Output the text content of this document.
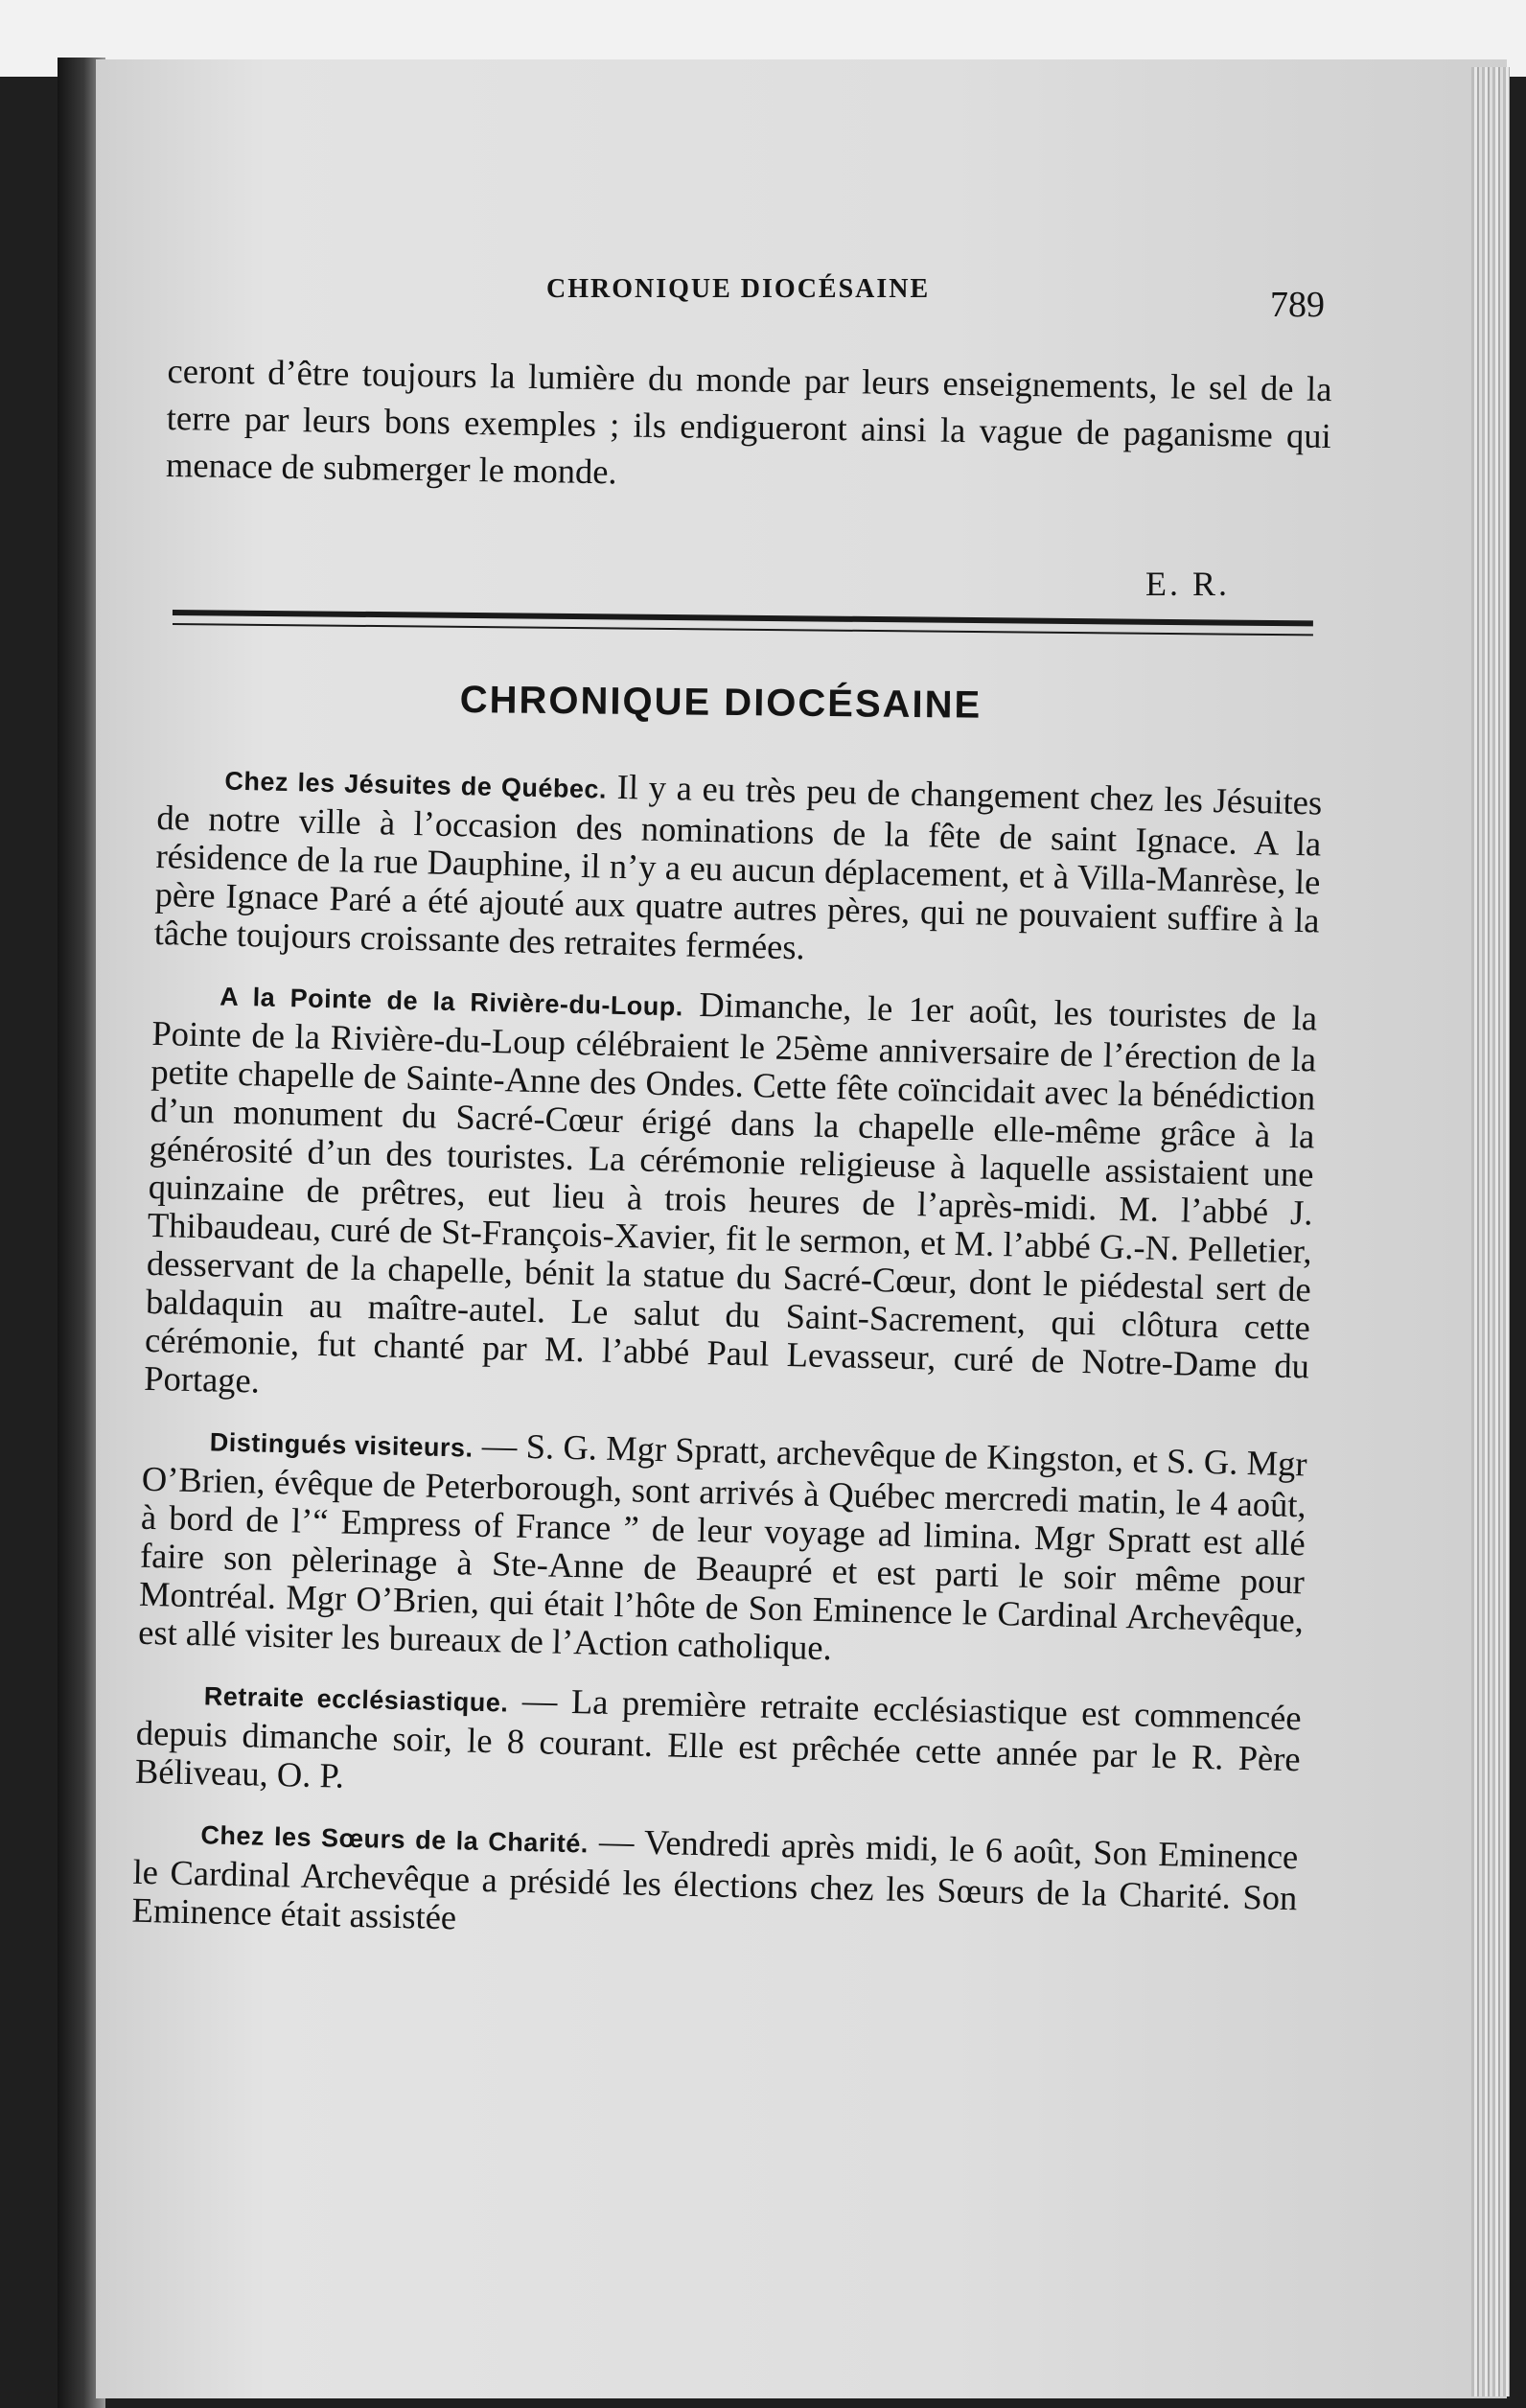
CHRONIQUE DIOCÉSAINE	789

ceront d’être toujours la lumière du monde par leurs enseignements, le sel de la terre par leurs bons exemples ; ils endigueront ainsi la vague de paganisme qui menace de submerger le monde.

E. R.
CHRONIQUE DIOCÉSAINE

Chez les Jésuites de Québec. Il y a eu très peu de changement chez les Jésuites de notre ville à l’occasion des nominations de la fête de saint Ignace. A la résidence de la rue Dauphine, il n’y a eu aucun déplacement, et à Villa-Manrèse, le père Ignace Paré a été ajouté aux quatre autres pères, qui ne pouvaient suffire à la tâche toujours croissante des retraites fermées.

A la Pointe de la Rivière-du-Loup. Dimanche, le 1er août, les touristes de la Pointe de la Rivière-du-Loup célébraient le 25ème anniversaire de l’érection de la petite chapelle de Sainte-Anne des Ondes. Cette fête coïncidait avec la bénédiction d’un monument du Sacré-Cœur érigé dans la chapelle elle-même grâce à la générosité d’un des touristes. La cérémonie religieuse à laquelle assistaient une quinzaine de prêtres, eut lieu à trois heures de l’après-midi. M. l’abbé J. Thibaudeau, curé de St-François-Xavier, fit le sermon, et M. l’abbé G.-N. Pelletier, desservant de la chapelle, bénit la statue du Sacré-Cœur, dont le piédestal sert de baldaquin au maître-autel. Le salut du Saint-Sacrement, qui clôtura cette cérémonie, fut chanté par M. l’abbé Paul Levasseur, curé de Notre-Dame du Portage.

Distingués visiteurs. — S. G. Mgr Spratt, archevêque de Kingston, et S. G. Mgr O’Brien, évêque de Peterborough, sont arrivés à Québec mercredi matin, le 4 août, à bord de l’“ Empress of France ” de leur voyage ad limina. Mgr Spratt est allé faire son pèlerinage à Ste-Anne de Beaupré et est parti le soir même pour Montréal. Mgr O’Brien, qui était l’hôte de Son Eminence le Cardinal Archevêque, est allé visiter les bureaux de l’Action catholique.

Retraite ecclésiastique. — La première retraite ecclésiastique est commencée depuis dimanche soir, le 8 courant. Elle est prêchée cette année par le R. Père Béliveau, O. P.

Chez les Sœurs de la Charité. — Vendredi après midi, le 6 août, Son Eminence le Cardinal Archevêque a présidé les élections chez les Sœurs de la Charité. Son Eminence était assistée
